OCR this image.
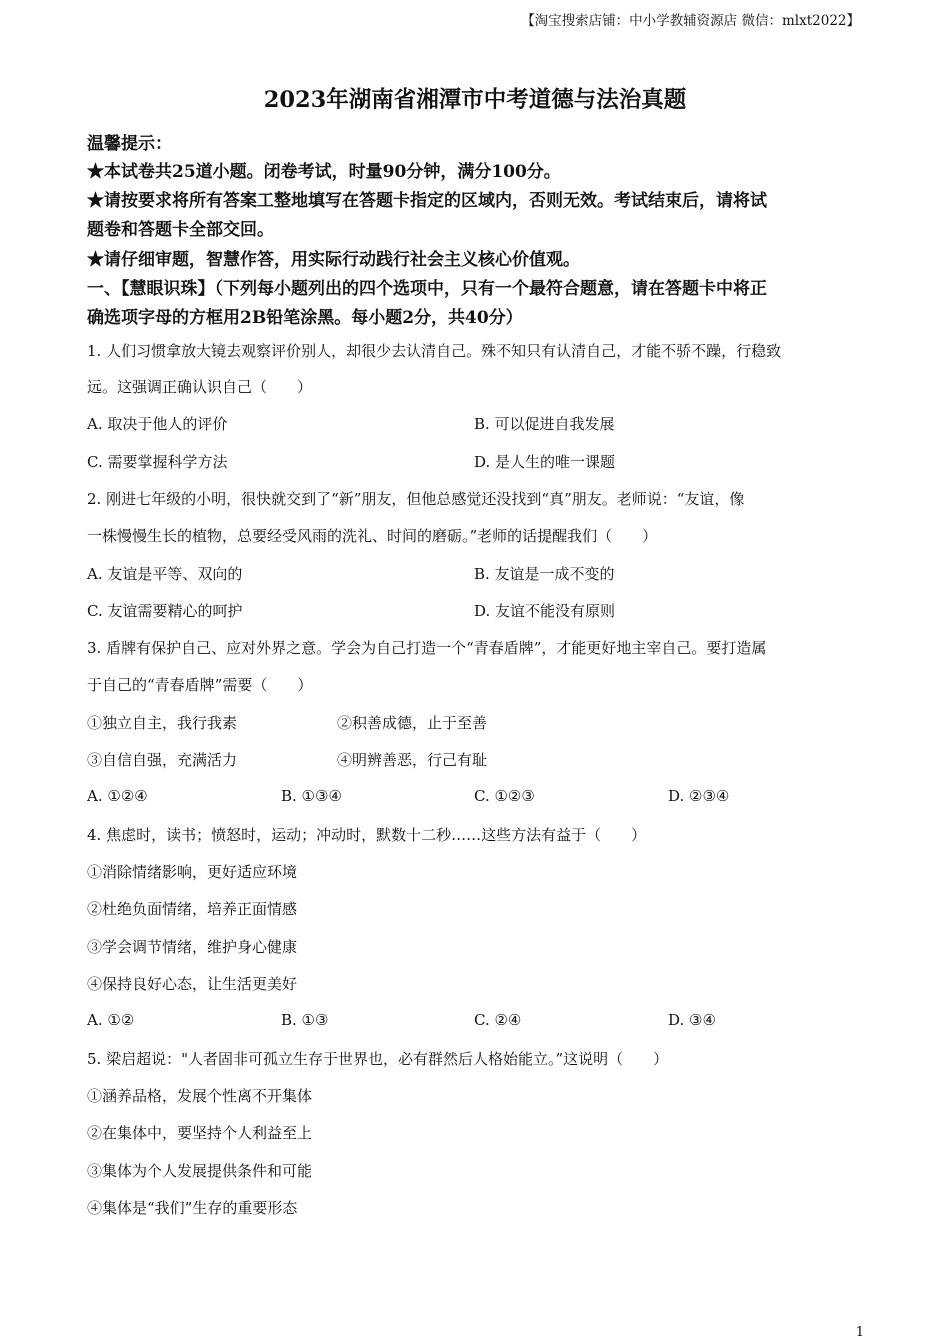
【淘宝搜索店铺：中小学教辅资源店 微信：mlxt2022】
2023年湖南省湘潭市中考道德与法治真题
温馨提示：
★本试卷共25道小题。闭卷考试，时量90分钟，满分100分。
★请按要求将所有答案工整地填写在答题卡指定的区域内，否则无效。考试结束后，请将试
题卷和答题卡全部交回。
★请仔细审题，智慧作答，用实际行动践行社会主义核心价值观。
一、【慧眼识珠】（下列每小题列出的四个选项中，只有一个最符合题意，请在答题卡中将正
确选项字母的方框用2B铅笔涂黑。每小题2分，共40分）
1. 人们习惯拿放大镜去观察评价别人，却很少去认清自己。殊不知只有认清自己，才能不骄不躁，行稳致
远。这强调正确认识自己（　　）
A. 取决于他人的评价	B. 可以促进自我发展
C. 需要掌握科学方法	D. 是人生的唯一课题
2. 刚进七年级的小明，很快就交到了“新”朋友，但他总感觉还没找到“真”朋友。老师说：“友谊，像
一株慢慢生长的植物，总要经受风雨的洗礼、时间的磨砺。”老师的话提醒我们（　　）
A. 友谊是平等、双向的	B. 友谊是一成不变的
C. 友谊需要精心的呵护	D. 友谊不能没有原则
3. 盾牌有保护自己、应对外界之意。学会为自己打造一个“青春盾牌”，才能更好地主宰自己。要打造属
于自己的“青春盾牌”需要（　　）
①独立自主，我行我素	②积善成德，止于至善
③自信自强，充满活力	④明辨善恶，行己有耻
A. ①②④	B. ①③④	C. ①②③	D. ②③④
4. 焦虑时，读书；愤怒时，运动；冲动时，默数十二秒……这些方法有益于（　　）
①消除情绪影响，更好适应环境
②杜绝负面情绪，培养正面情感
③学会调节情绪，维护身心健康
④保持良好心态，让生活更美好
A. ①②	B. ①③	C. ②④	D. ③④
5. 梁启超说："人者固非可孤立生存于世界也，必有群然后人格始能立。”这说明（　　）
①涵养品格，发展个性离不开集体
②在集体中，要坚持个人利益至上
③集体为个人发展提供条件和可能
④集体是“我们”生存的重要形态
1
